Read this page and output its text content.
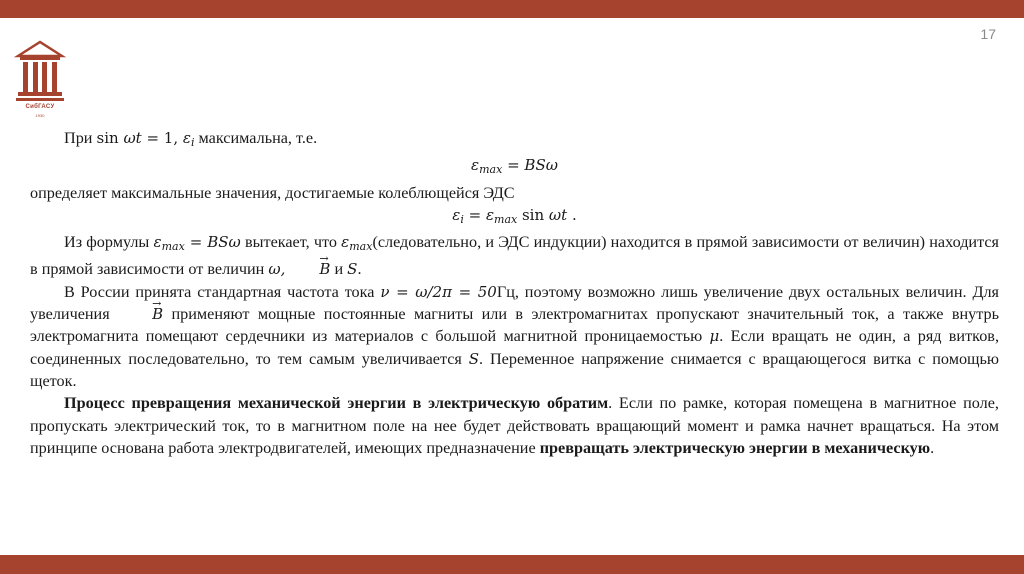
СибГАСУ
1930
17

При sin ωt = 1, $\varepsilon_i$ максимальна, т.е.

$\varepsilon_{max} = BS\omega$

определяет максимальные значения, достигаемые колеблющейся ЭДС

$\varepsilon_i = \varepsilon_{max}$ sin ωt .

Из формулы $\varepsilon_{max} = BS\omega$ вытекает, что $\varepsilon_{max}(следовательно$, и ЭДС индукции) находится в прямой зависимости от величин) находится в прямой зависимости от величин ω,→ B и S.

В России принята стандартная частота тока ν = ω/2π = 50Гц, поэтому возможно лишь увеличение двух остальных величин. Для увеличения → B применяют мощные постоянные магниты или в электромагнитах пропускают значительный ток, а также внутрь электромагнита помещают сердечники из материалов с большой магнитной проницаемостью μ. Если вращать не один, а ряд витков, соединенных последовательно, то тем самым увеличивается S. Переменное напряжение снимается с вращающегося витка с помощью щеток.

Процесс превращения механической энергии в электрическую обратим. Если по рамке, которая помещена в магнитное поле, пропускать электрический ток, то в магнитном поле на нее будет действовать вращающий момент и рамка начнет вращаться. На этом принципе основана работа электродвигателей, имеющих предназначение превращать электрическую энергии в механическую.
